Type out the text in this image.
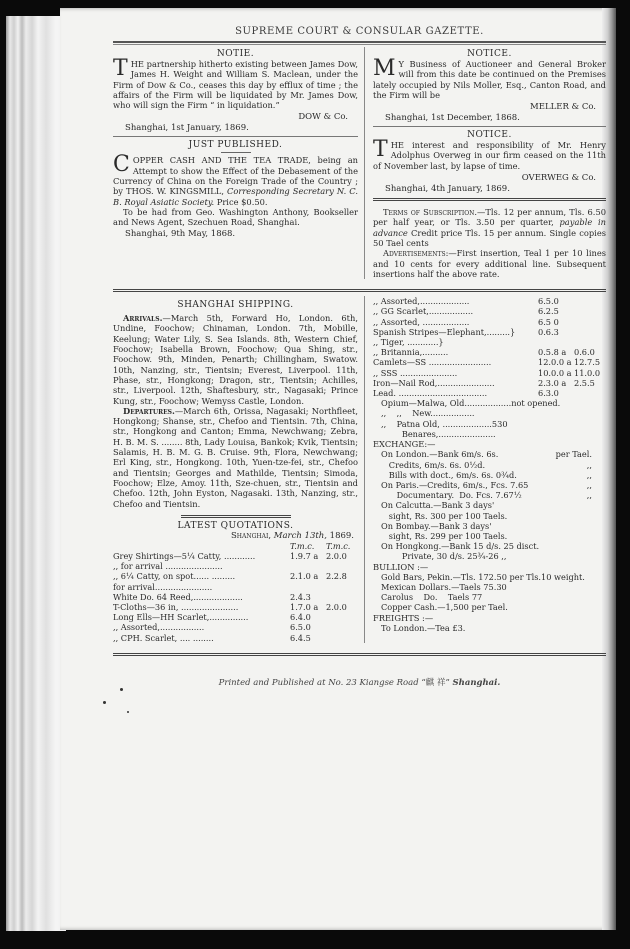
SUPREME COURT & CONSULAR GAZETTE.
NOTIE.

T HE partnership hitherto existing between James Dow, James H. Weight and William S. Maclean, under the Firm of Dow & Co., ceases this day by efflux of time ; the affairs of the Firm will be liquidated by Mr. James Dow, who will sign the Firm “ in liquidation.”

DOW & Co.
Shanghai, 1st January, 1869.
JUST PUBLISHED.

C OPPER CASH AND THE TEA TRADE, being an Attempt to show the Effect of the Debasement of the Currency of China on the Foreign Trade of the Country ; by THOS. W. KINGSMILL, Corresponding Secretary N. C. B. Royal Asiatic Society. Price $0.50.

To be had from Geo. Washington Anthony, Bookseller and News Agent, Szechuen Road, Shanghai.

Shanghai, 9th May, 1868.
NOTICE.

M Y Business of Auctioneer and General Broker will from this date be continued on the Premises lately occupied by Nils Moller, Esq., Canton Road, and the Firm will be

MELLER & Co.
Shanghai, 1st December, 1868.
NOTICE.

T HE interest and responsibility of Mr. Henry Adolphus Overweg in our firm ceased on the 11th of November last, by lapse of time.

OVERWEG & Co.
Shanghai, 4th January, 1869.

Terms of Subscription.—Tls. 12 per annum, Tls. 6.50 per half year, or Tls. 3.50 per quarter, payable in advance Credit price Tls. 15 per annum. Single copies 50 Tael cents

Advertisements:—First insertion, Teal 1 per 10 lines and 10 cents for every additional line. Subsequent insertions half the above rate.

SHANGHAI SHIPPING.

Arrivals.—March 5th, Forward Ho, London. 6th, Undine, Foochow; Chinaman, London. 7th, Mobille, Keelung; Water Lily, S. Sea Islands. 8th, Western Chief, Foochow; Isabella Brown, Foochow; Qua Shing, str., Foochow. 9th, Minden, Penarth; Chillingham, Swatow. 10th, Nanzing, str., Tientsin; Everest, Liverpool. 11th, Phase, str., Hongkong; Dragon, str., Tientsin; Achilles, str., Liverpool. 12th, Shaftesbury, str., Nagasaki; Prince Kung, str., Foochow; Wemyss Castle, London.

Departures.—March 6th, Orissa, Nagasaki; Northfleet, Hongkong; Shanse, str., Chefoo and Tientsin. 7th, China, str., Hongkong and Canton; Emma, Newchwang; Zebra, H. B. M. S. ........ 8th, Lady Louisa, Bankok; Kvik, Tientsin; Salamis, H. B. M. G. B. Cruise. 9th, Flora, Newchwang; Erl King, str., Hongkong. 10th, Yuen-tze-fei, str., Chefoo and Tientsin; Georges and Mathilde, Tientsin; Simoda, Foochow; Elze, Amoy. 11th, Sze-chuen, str., Tientsin and Chefoo. 12th, John Eyston, Nagasaki. 13th, Nanzing, str., Chefoo and Tientsin.

LATEST QUOTATIONS.
Shanghai, March 13th, 1869.
T.m.c.	T.m.c.
Grey Shirtings—5¼ Catty, ............	1.9.7 a 2.0.0
,, for arrival ......................
,, 6¼ Catty, on spot...... .........	2.1.0 a 2.2.8
for arrival......................
White Do. 64 Reed,...................	2.4.3
T-Cloths—36 in, ......................	1.7.0 a 2.0.0
Long Ells—HH Scarlet,...............	6.4.0
,, Assorted,.................	6.5.0
,, CPH. Scarlet, .... ........	6.4.5
,, Assorted,...................	6.5.0
,, GG Scarlet,.................	6.2.5
,, Assorted, ..................	6.5 0
Spanish Stripes—Elephant,.........}	0.6.3
,, Tiger, ............}
,, Britannia,..........	0.5.8 a 0.6.0
Camlets—SS ........................	12.0.0 a 12.7.5
,, SSS ......................	10.0.0 a 11.0.0
Iron—Nail Rod,......................	2.3.0 a 2.5.5
Lead. ..................................	6.3.0
Opium—Malwa, Old..................not opened.
,,    ,,    New.................
,,    Patna Old, ...................530
Benares,......................
EXCHANGE:—
On London.—Bank 6m/s. 6s.	per Tael.
Credits, 6m/s. 6s. 0½d.	,,
Bills with doct., 6m/s. 6s. 0¾d.	,,
On Paris.—Credits, 6m/s., Fcs. 7.65	,,
Documentary.  Do. Fcs. 7.67½	,,
On Calcutta.—Bank 3 days'
sight, Rs. 300 per 100 Taels.
On Bombay.—Bank 3 days'
sight, Rs. 299 per 100 Taels.
On Hongkong.—Bank 15 d/s. 25 disct.
Private, 30 d/s. 25¾-26 ,,
BULLION :—
Gold Bars, Pekin.—Tls. 172.50 per Tls.10 weight.
Mexican Dollars.—Taels 75.30
Carolus    Do.    Taels 77
Copper Cash.—1,500 per Tael.
FREIGHTS :—
To London.—Tea £3.
Printed and Published at No. 23 Kiangse Road “麒 祥” Shanghai.
